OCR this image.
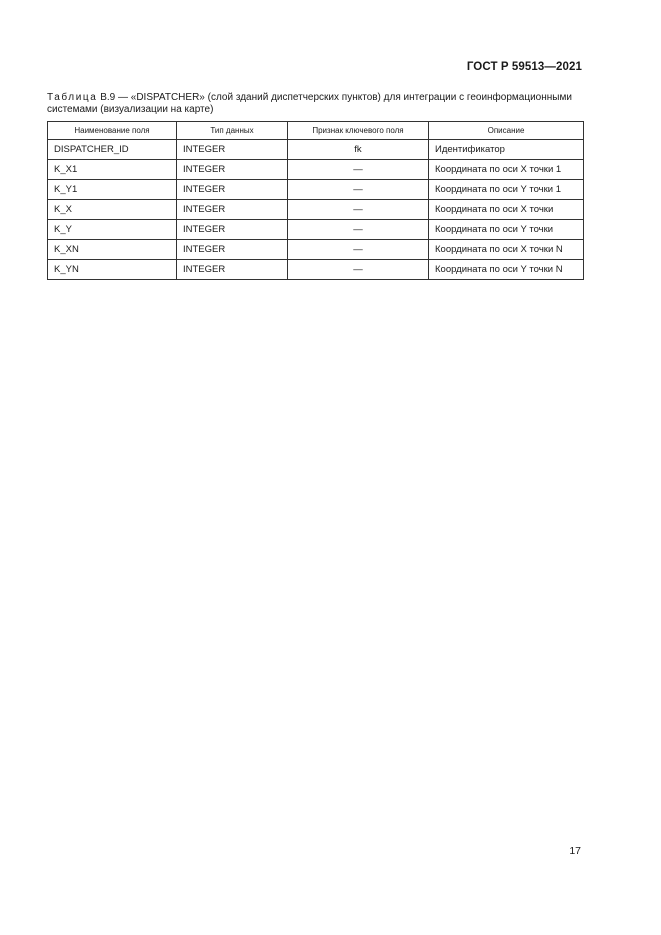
ГОСТ Р 59513—2021
Таблица В.9 — «DISPATCHER» (слой зданий диспетчерских пунктов) для интеграции с геоинформационными системами (визуализации на карте)
Наименование поля	Тип данных	Признак ключевого поля	Описание
DISPATCHER_ID	INTEGER	fk	Идентификатор
K_X1	INTEGER	—	Координата по оси X точки 1
K_Y1	INTEGER	—	Координата по оси Y точки 1
K_X	INTEGER	—	Координата по оси X точки
K_Y	INTEGER	—	Координата по оси Y точки
K_XN	INTEGER	—	Координата по оси X точки N
K_YN	INTEGER	—	Координата по оси Y точки N
17
